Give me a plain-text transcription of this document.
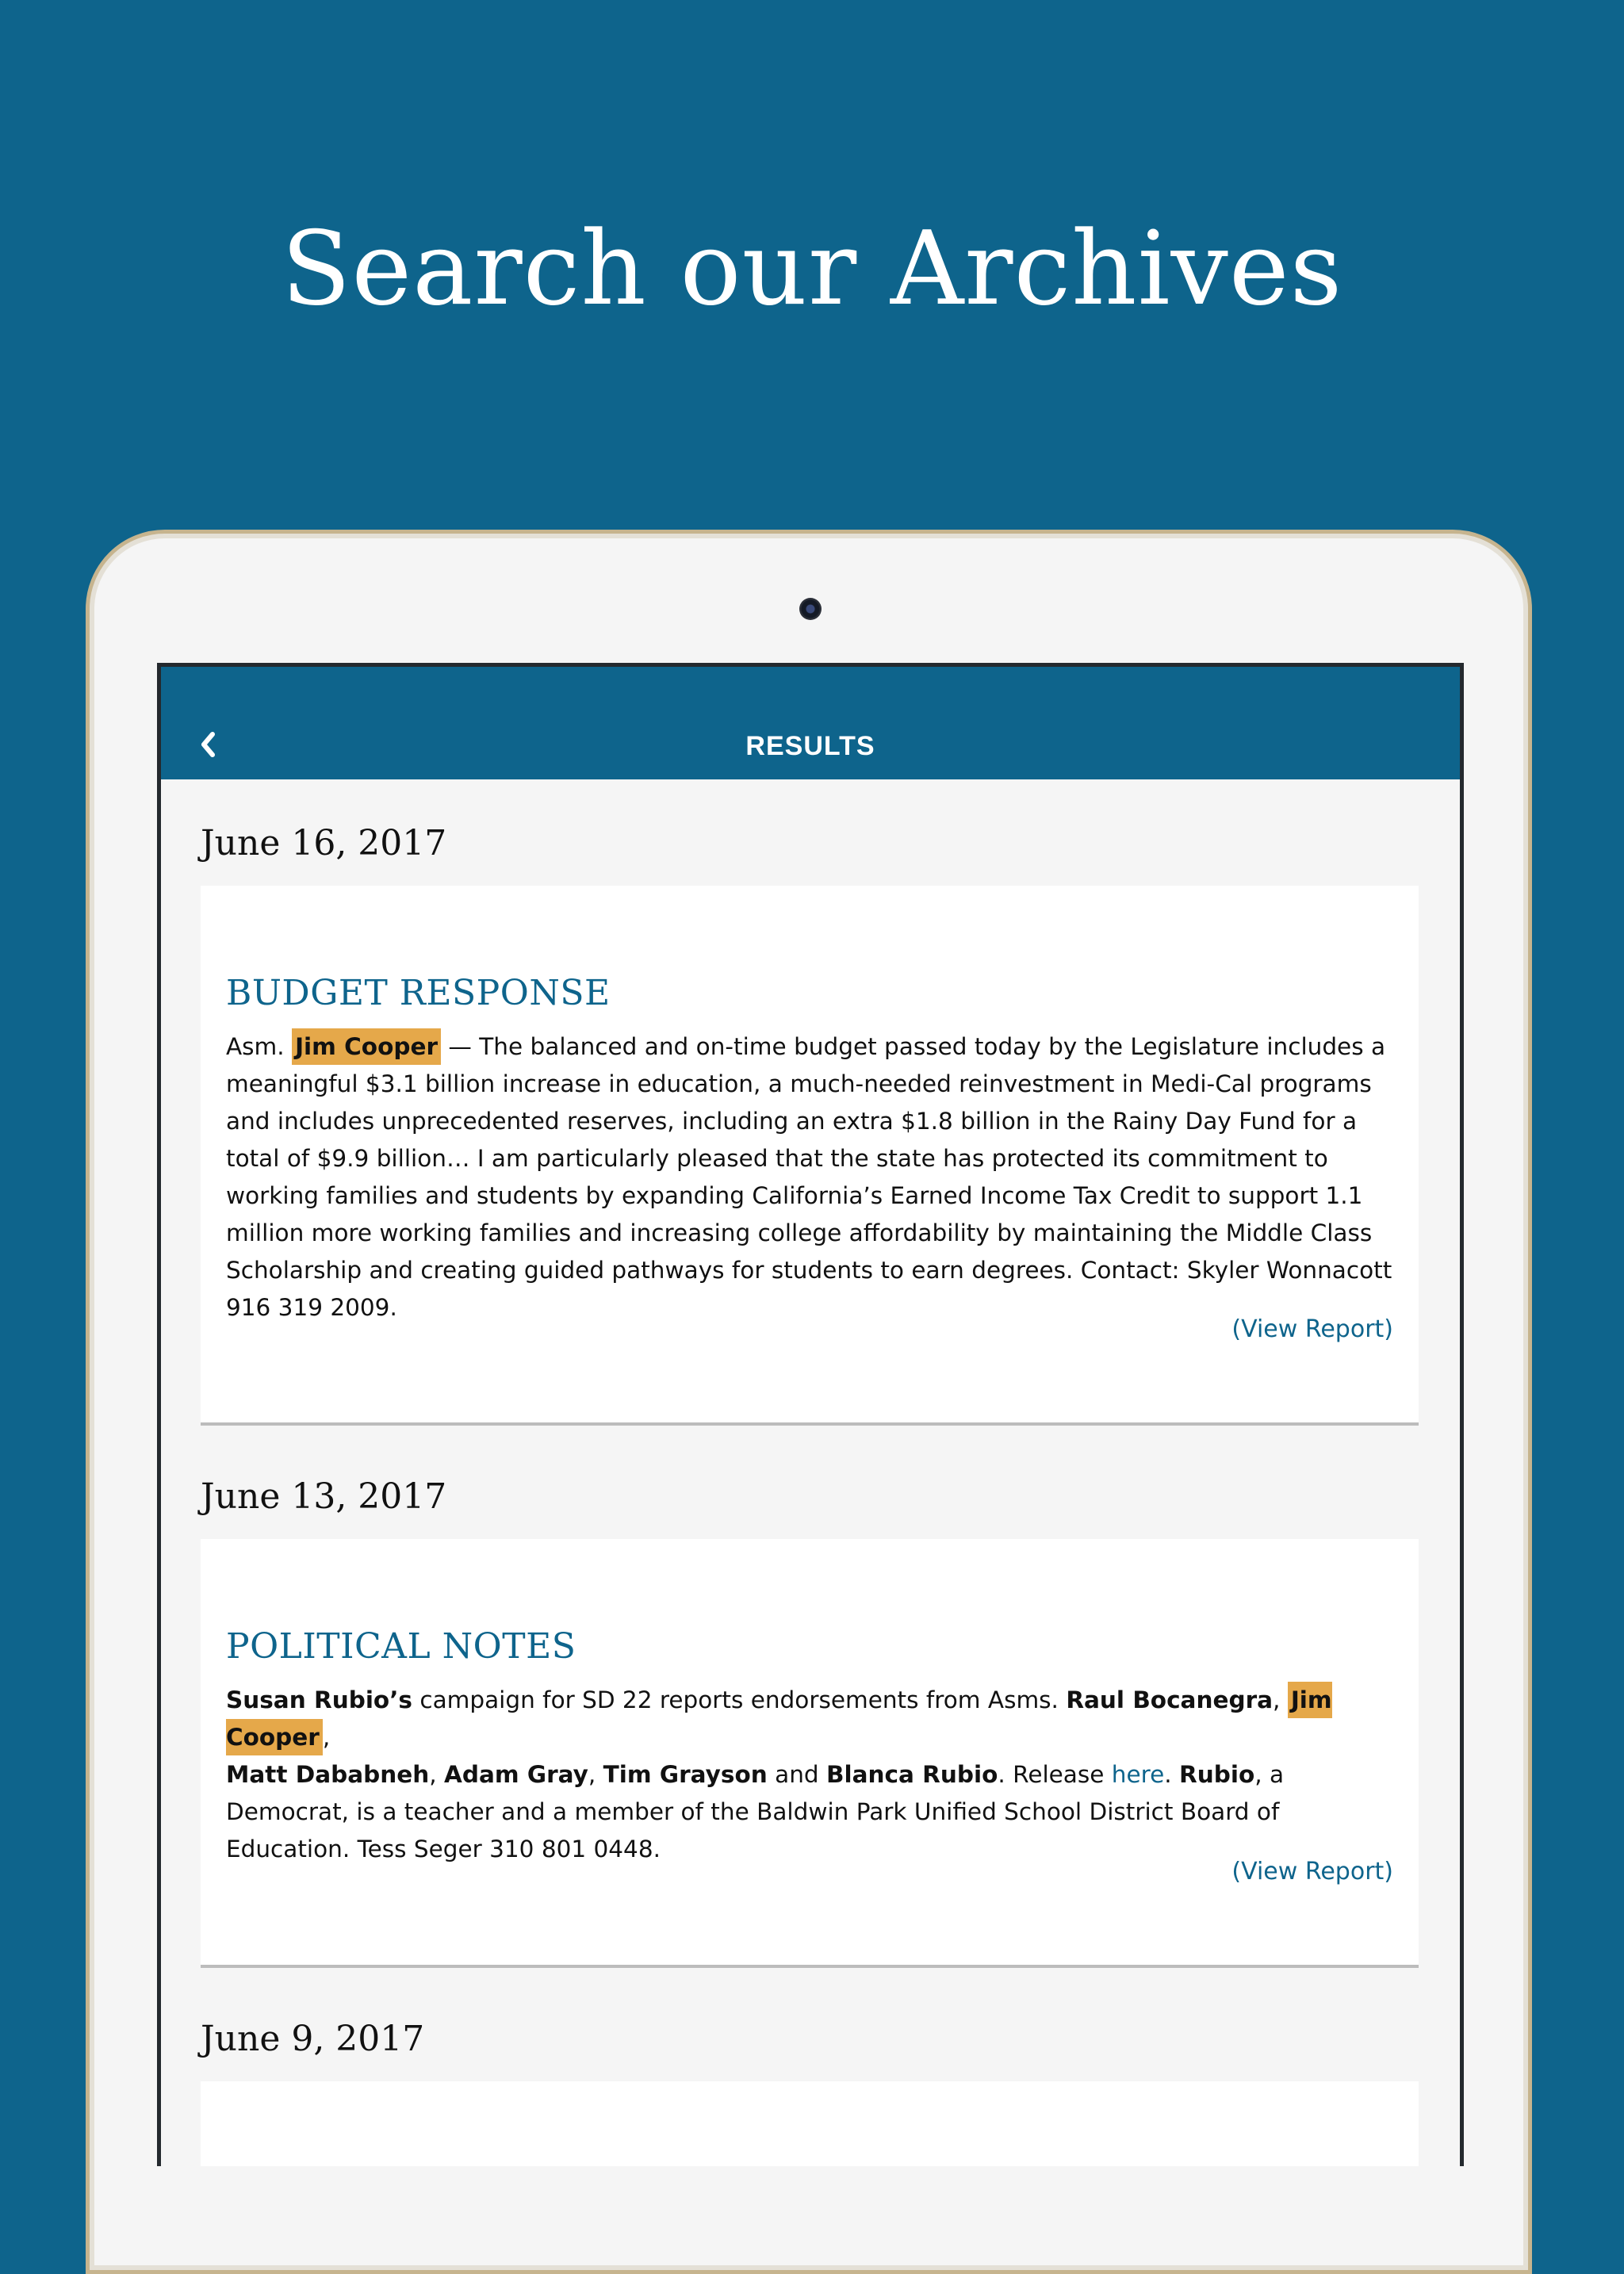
Search our Archives
RESULTS
June 16, 2017
BUDGET RESPONSE
Asm. Jim Cooper — The balanced and on-time budget passed today by the Legislature includes a meaningful $3.1 billion increase in education, a much-needed reinvestment in Medi-Cal programs and includes unprecedented reserves, including an extra $1.8 billion in the Rainy Day Fund for a total of $9.9 billion… I am particularly pleased that the state has protected its commitment to working families and students by expanding California’s Earned Income Tax Credit to support 1.1 million more working families and increasing college affordability by maintaining the Middle Class Scholarship and creating guided pathways for students to earn degrees. Contact: Skyler Wonnacott 916 319 2009.
(View Report)
June 13, 2017
POLITICAL NOTES
Susan Rubio’s campaign for SD 22 reports endorsements from Asms. Raul Bocanegra, Jim Cooper ,
Matt Dababneh, Adam Gray, Tim Grayson and Blanca Rubio. Release here. Rubio, a Democrat, is a teacher and a member of the Baldwin Park Unified School District Board of Education. Tess Seger 310 801 0448.
(View Report)
June 9, 2017
